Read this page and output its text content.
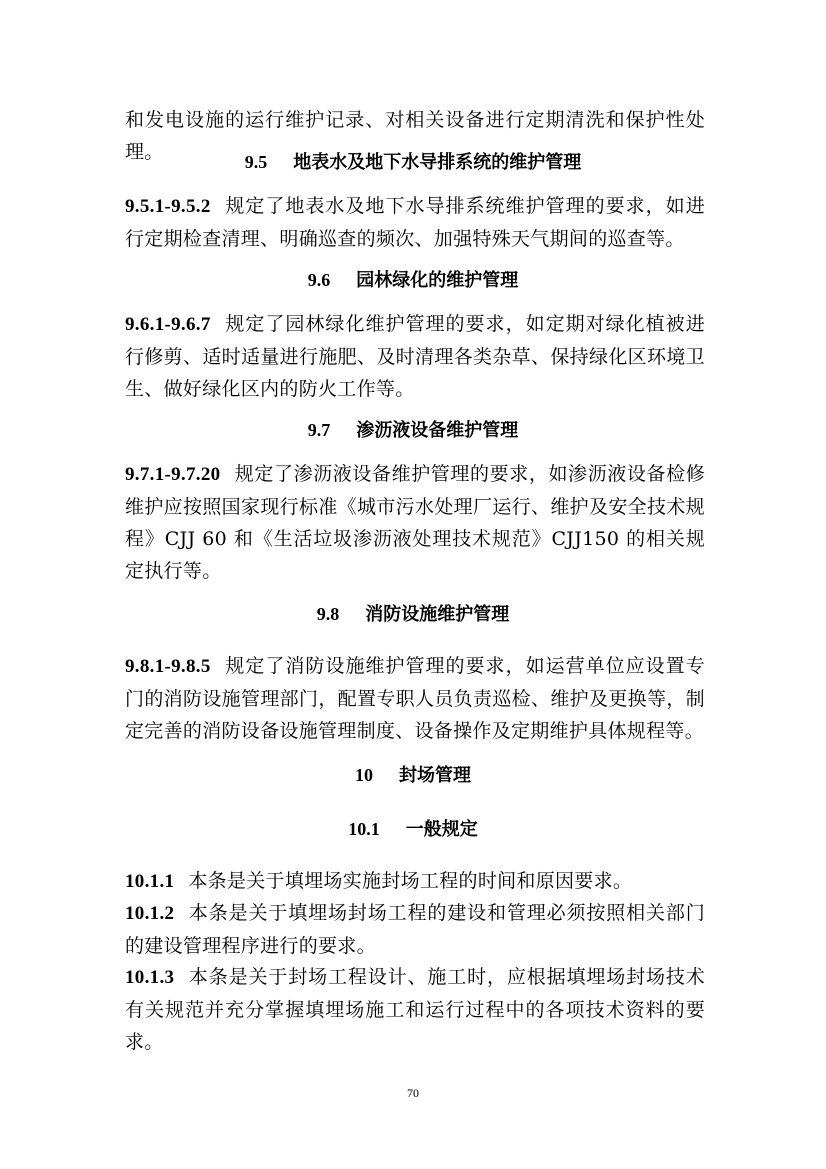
和发电设施的运行维护记录、对相关设备进行定期清洗和保护性处理。	9.5 地表水及地下水导排系统的维护管理
9.5.1-9.5.2 规定了地表水及地下水导排系统维护管理的要求，如进行定期检查清理、明确巡查的频次、加强特殊天气期间的巡查等。
9.6 园林绿化的维护管理
9.6.1-9.6.7 规定了园林绿化维护管理的要求，如定期对绿化植被进行修剪、适时适量进行施肥、及时清理各类杂草、保持绿化区环境卫生、做好绿化区内的防火工作等。
9.7 渗沥液设备维护管理
9.7.1-9.7.20 规定了渗沥液设备维护管理的要求，如渗沥液设备检修维护应按照国家现行标准《城市污水处理厂运行、维护及安全技术规程》CJJ 60 和《生活垃圾渗沥液处理技术规范》CJJ150 的相关规定执行等。
9.8 消防设施维护管理
9.8.1-9.8.5 规定了消防设施维护管理的要求，如运营单位应设置专门的消防设施管理部门，配置专职人员负责巡检、维护及更换等，制定完善的消防设备设施管理制度、设备操作及定期维护具体规程等。
10 封场管理
10.1 一般规定
10.1.1 本条是关于填埋场实施封场工程的时间和原因要求。
10.1.2 本条是关于填埋场封场工程的建设和管理必须按照相关部门的建设管理程序进行的要求。
10.1.3 本条是关于封场工程设计、施工时，应根据填埋场封场技术有关规范并充分掌握填埋场施工和运行过程中的各项技术资料的要求。
70
